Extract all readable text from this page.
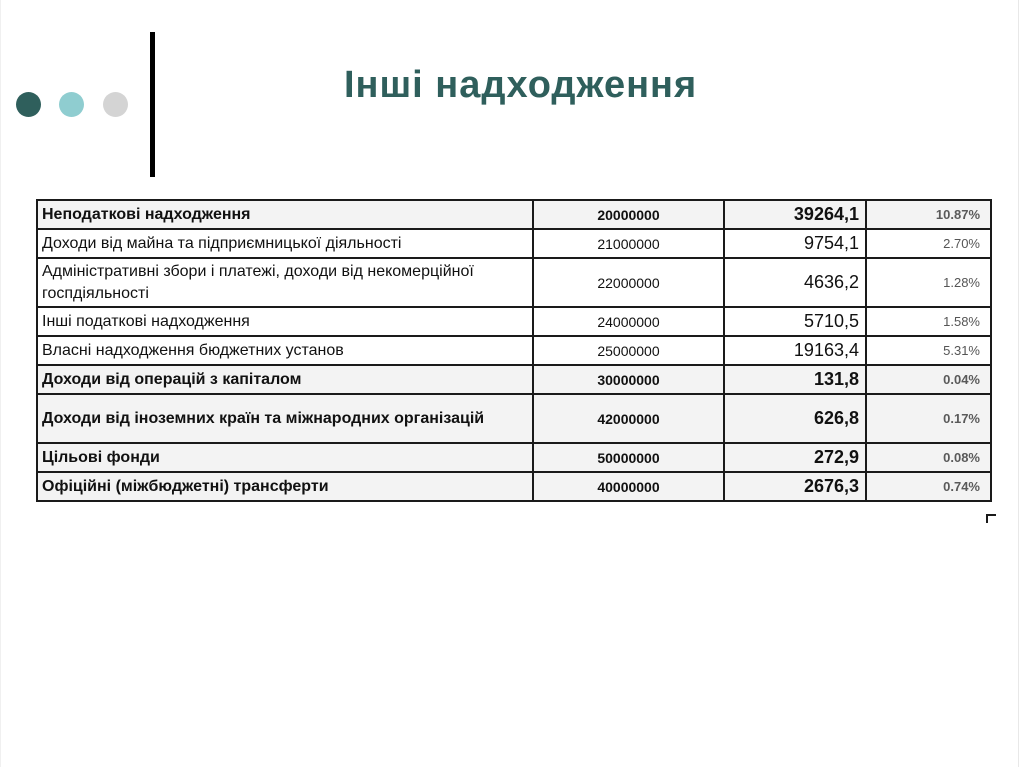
Інші надходження
Неподаткові надходження	20000000	39264,1	10.87%
Доходи від майна та підприємницької діяльності	21000000	9754,1	2.70%
Адміністративні збори і платежі, доходи від некомерційної госпдіяльності	22000000	4636,2	1.28%
Інші податкові надходження	24000000	5710,5	1.58%
Власні надходження бюджетних установ	25000000	19163,4	5.31%
Доходи від операцій з капіталом	30000000	131,8	0.04%
Доходи від іноземних країн та міжнародних організацій	42000000	626,8	0.17%
Цільові фонди	50000000	272,9	0.08%
Офіційні (міжбюджетні) трансферти	40000000	2676,3	0.74%
